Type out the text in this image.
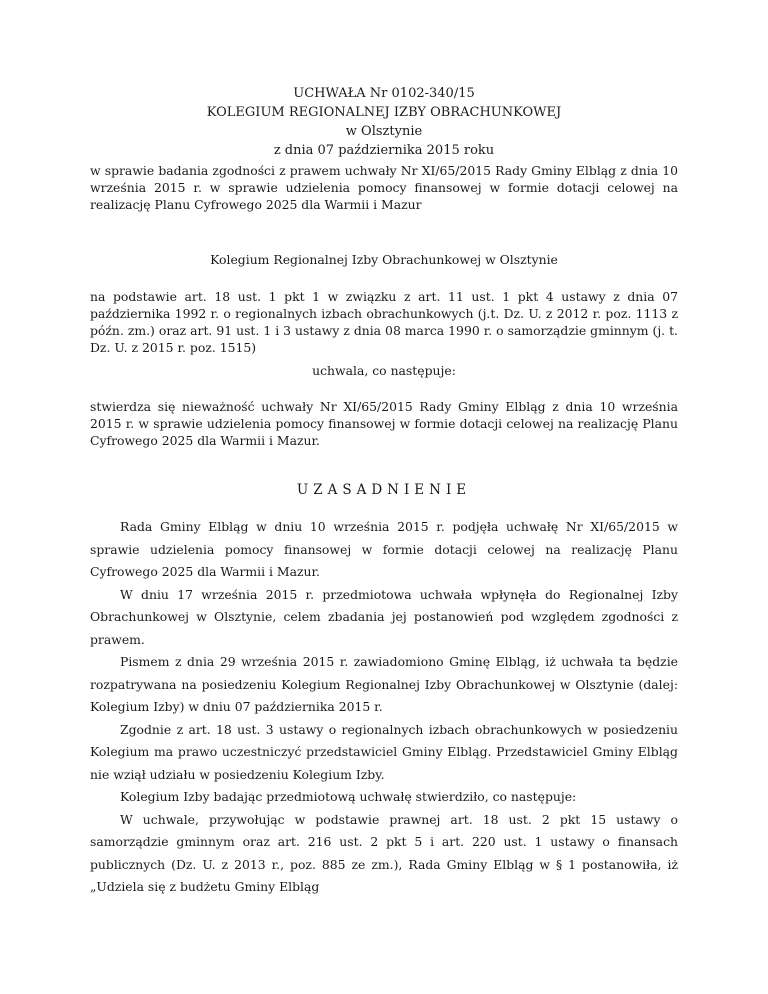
UCHWAŁA Nr 0102-340/15
KOLEGIUM REGIONALNEJ IZBY OBRACHUNKOWEJ
w Olsztynie
z dnia 07 października 2015 roku
w sprawie badania zgodności z prawem uchwały Nr XI/65/2015 Rady Gminy Elbląg z dnia 10 września 2015 r. w sprawie udzielenia pomocy finansowej w formie dotacji celowej na realizację Planu Cyfrowego 2025 dla Warmii i Mazur
Kolegium Regionalnej Izby Obrachunkowej w Olsztynie
na podstawie art. 18 ust. 1 pkt 1 w związku z art. 11 ust. 1 pkt 4 ustawy z dnia 07 października 1992 r. o regionalnych izbach obrachunkowych (j.t. Dz. U. z 2012 r. poz. 1113 z późn. zm.) oraz art. 91 ust. 1 i 3 ustawy z dnia 08 marca 1990 r. o samorządzie gminnym (j. t. Dz. U. z 2015 r. poz. 1515)
uchwala, co następuje:
stwierdza się nieważność uchwały Nr XI/65/2015 Rady Gminy Elbląg z dnia 10 września 2015 r. w sprawie udzielenia pomocy finansowej w formie dotacji celowej na realizację Planu Cyfrowego 2025 dla Warmii i Mazur.
UZASADNIENIE

Rada Gminy Elbląg w dniu 10 września 2015 r. podjęła uchwałę Nr XI/65/2015 w sprawie udzielenia pomocy finansowej w formie dotacji celowej na realizację Planu Cyfrowego 2025 dla Warmii i Mazur.

W dniu 17 września 2015 r. przedmiotowa uchwała wpłynęła do Regionalnej Izby Obrachunkowej w Olsztynie, celem zbadania jej postanowień pod względem zgodności z prawem.

Pismem z dnia 29 września 2015 r. zawiadomiono Gminę Elbląg, iż uchwała ta będzie rozpatrywana na posiedzeniu Kolegium Regionalnej Izby Obrachunkowej w Olsztynie (dalej: Kolegium Izby) w dniu 07 października 2015 r.

Zgodnie z art. 18 ust. 3 ustawy o regionalnych izbach obrachunkowych w posiedzeniu Kolegium ma prawo uczestniczyć przedstawiciel Gminy Elbląg. Przedstawiciel Gminy Elbląg nie wziął udziału w posiedzeniu Kolegium Izby.

Kolegium Izby badając przedmiotową uchwałę stwierdziło, co następuje:

W uchwale, przywołując w podstawie prawnej art. 18 ust. 2 pkt 15 ustawy o samorządzie gminnym oraz art. 216 ust. 2 pkt 5 i art. 220 ust. 1 ustawy o finansach publicznych (Dz. U. z 2013 r., poz. 885 ze zm.), Rada Gminy Elbląg w § 1 postanowiła, iż „Udziela się z budżetu Gminy Elbląg
